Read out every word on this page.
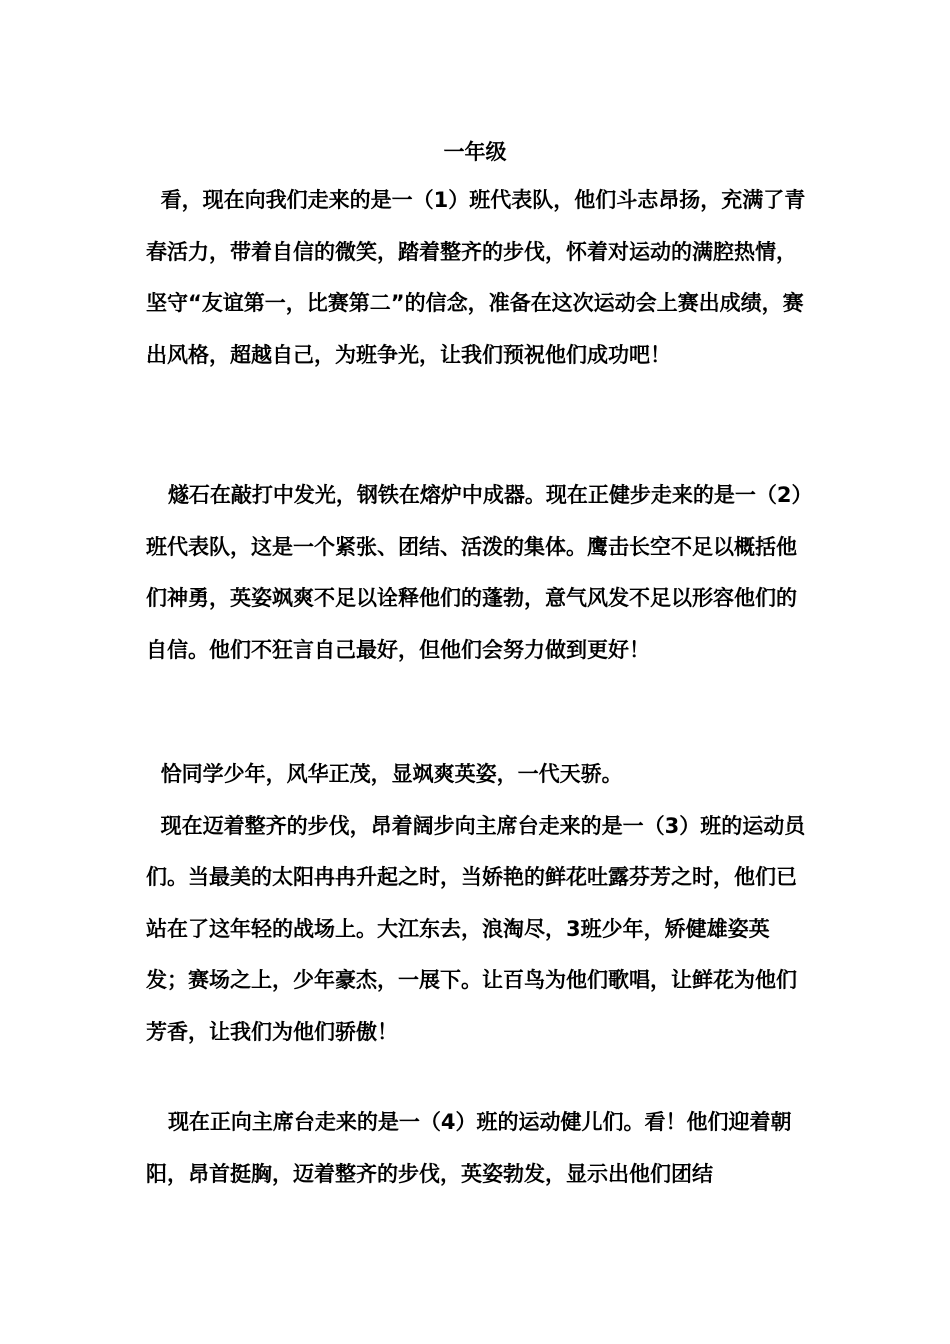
一年级
看，现在向我们走来的是一（1）班代表队，他们斗志昂扬，充满了青春活力，带着自信的微笑，踏着整齐的步伐，怀着对运动的满腔热情，坚守“友谊第一，比赛第二”的信念，准备在这次运动会上赛出成绩，赛出风格，超越自己，为班争光，让我们预祝他们成功吧！
燧石在敲打中发光，钢铁在熔炉中成器。现在正健步走来的是一（2）班代表队，这是一个紧张、团结、活泼的集体。鹰击长空不足以概括他们神勇，英姿飒爽不足以诠释他们的蓬勃，意气风发不足以形容他们的自信。他们不狂言自己最好，但他们会努力做到更好！
恰同学少年，风华正茂，显飒爽英姿，一代天骄。
现在迈着整齐的步伐，昂着阔步向主席台走来的是一（3）班的运动员们。当最美的太阳冉冉升起之时，当娇艳的鲜花吐露芬芳之时，他们已站在了这年轻的战场上。大江东去，浪淘尽，3班少年，矫健雄姿英发；赛场之上，少年豪杰，一展下。让百鸟为他们歌唱，让鲜花为他们芳香，让我们为他们骄傲！
现在正向主席台走来的是一（4）班的运动健儿们。看！他们迎着朝阳，昂首挺胸，迈着整齐的步伐，英姿勃发，显示出他们团结
